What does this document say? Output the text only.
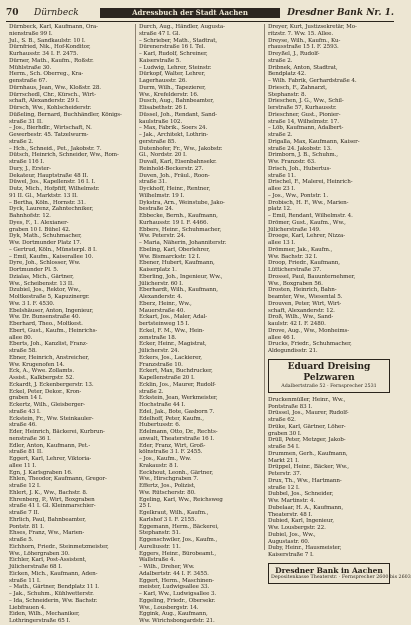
70	Dürnbeck	Adressbuch der Stadt Aachen	Dresdner Bank Nr. 1.

Dürnbeck, Karl, Kaufmann, Ora-

nienstraße 99 I.

Jul., S. B., Sandkaulstr. 10 I.

Dürnfried, Nik., Hof-Konditor,

Kurhausstr. 34 I. F. 2475.

Dürner, Math., Kaufm., Roßstr.

Mühlstraße 30.

Herm., Sch. Oberreg., Kra-

genstraße 67.

Dürnhaus, Jean, Ww., Kloßstr. 28.

Dürrschedl, Chr., Kürsch., Wirt-

schaft, Alexanderstr. 29 I.

Dürsch, Ww., Kohlscheiderstr.

Düßeling, Bernard, Buchhändler, Königs-

straße 31 II.

– Jos., Bierhdlr., Wirtschaft, N.

Gewerbestr. 45. Tatzelwurm-

straße 2.

– Hch., Schneid., Pet., Jakobstr. 7.

Dütsch, Heinrich, Schneider, Ww., Rom-

straße 116 I.

Dury, J., Erster-

Dekateur, Hauptstraße 48 II.

Düwel, Jos., Kapellenstr. 16 I. I.

Dutz, Mich., Hofpfiff, Wilhelmstr.

91 II. Gl., Marktstr. 13 II.

– Bertha, Köln., Hornstr. 31.

Dyck, Laurenz, Zahntechniker,

Bahnhofstr. 12.

Dyes, F., 1. Alexianer-

graben 10 I. Bühel 42.

Dyk, Math., Schuhmacher,

Ww. Dortmunder Platz 17.

– Gertrud, Köln., Münsterpl. 8 I.

– Emil, Kaufm., Kaiserallee 10.

Dyre, Joh., Schlosser, Ww.

Dortmunder Pl. 5.

Dzialas, Mich., Gärtner,

Ww., Scheibenstr. 13 II.

Dzubiel, Jos., Rektor, Ww.,

Moltkestraße 5, Kapuzinergr.

Ww. 3 I. F. 4530.

Ebelshäuser, Anton, Ingenieur,

Ww. Dr. Bunsenstraße 40.

Eberhard, Theo., Moltkest.

Ebert, Gust., Kaufm., Heinrichs-

allee 80.

Eberts, Joh., Kanzlist, Franz-

straße 58.

Ebner, Heinrich, Anstreicher,

Ww. Krugenofen 14.

Eck, A., Wwe. Zollamts.

Assist., Kalkbergstr. 52.

Eckardt, J. Eckenbergerstr. 13.

Eckel, Peter, Dekor., Kron-

graben 14 I.

Eckertz, Wilh., Gleisberger-

straße 43 I.

Eckstein, Fr., Ww. Steinkauler-

straße 46.

Eder, Heinrich, Bäckerei, Kurbrun-

nenstraße 36 I.

Edler, Anton, Kaufmann, Pet.-

straße 81 II.

Eggert, Karl, Lehrer, Viktoria-

allee 11 I.

Egn, J. Karlsgraben 16.

Ehlen, Theodor, Kaufmann, Gregor-

straße 12 I.

Ehlert, J. K., Ww., Bachstr. 8.

Ehrenberg, P., Wirt, Boxgraben

straße 41 I. Gl. Kleinmarschier-

straße 7 II.

Ehrlich, Paul, Bahnbeamter,

Pontstr. 81 I.

Ehses, Franz, Ww., Marien-

straße 5.

Eichhorn, Friedr., Steinmetzmeister,

Ww., Löhergraben 30.

Eichler, Karl, Post-Assistent,

Jülicherstraße 68 I.

Eicken, Mich., Kaufmann, Aden-

straße 11 I.

– Math., Gärtner, Bendplatz 11 I.

– Jak., Schuhm., Kühlwetterstr.

– Ida, Schneiderin, Ww. Bachstr.

Liebfrauen 4.

Eiden, Wilh., Mechaniker,

Lothringerstraße 65 I.

Durch, Aug., Händler, Augusta-

straße 47 I. Gl.

– Schrieber, Math., Stadtrat,

Dürenerstraße 16 I. Tel.

– Karl, Rudolf, Schreiner,

Kaiserstraße 5.

– Ludwig, Lehrer, Steinstr.

Dürkopf, Walter, Lehrer,

Lagerhausstr. 26.

Durm, Wilh., Tapezierer,

Ww., Krefelderstr. 16.

Dusch, Aug., Bahnbeamter,

Elisabethstr. 26 I.

Düssel, Joh., Rendant, Sand-

kaulstraße 102.

– Max, Fabrik., Soers 24.

– Jak., Architekt, Lothrin-

gerstraße 85.

Dutenhofer, Fr., Ww., Jakobstr.

Gl., Nordstr. 20 I.

Duvall, Karl, Eisenbahnsekr.

Reinhold-Beckerstr. 27.

Duven, Joh., Fräul., Roon-

straße 31.

Dyckhoff, Heinr., Rentner,

Wilhelmstr. 19 I.

Dykstra, Arn., Weinstube, Jako-

bestraße 24.

Ebbecke, Bernh., Kaufmann,

Kurhausstr. 19 I. F. 4466.

Ebbers, Heinr., Schuhmacher,

Ww. Peterstr. 24.

– Maria, Näherin, Johanniterstr.

Ebeling, Karl, Oberlehrer,

Ww. Bismarckstr. 12 I.

Ebener, Hubert, Kaufmann,

Kaiserplatz 1.

Eberling, Joh., Ingenieur, Ww.,

Jülicherstr. 60 I.

Eberhardt, Wilh., Kaufmann,

Alexanderstr. 4.

Eberz, Heinr., Ww.,

Mauerstraße 40.

Eckart, Jos., Maler, Adal-

bertsteinweg 15 I.

Eckel, F. M., Ww., Hein-

zenstraße 18.

Ecker, Heinr., Magistrat,

Jülicherstr. 24.

Eckers, Jos., Lackierer,

Franzstraße 10.

Eckert, Max, Buchdrucker,

Kapellenstraße 20 I.

Ecklin, Jos., Maurer, Rudolf-

straße 2.

Eckstein, Jean, Werkmeister,

Hochstraße 44 I.

Edel, Jak., Bote, Gasborn 7.

Edelhoff, Peter, Kaufm.,

Hubertusstr. 6.

Edelmann, Otto, Dr., Rechts-

anwalt, Theaterstraße 16 I.

Eder, Franz, Wirt, Groß-

kölnstraße 3 I. F. 2455.

– Jos., Kaufm., Ww.

Krakaustr. 8 I.

Eeckhout, Leonh., Gärtner,

Ww., Hirschgraben 7.

Effertz, Jos., Polizist,

Ww. Rütscherstr. 80.

Egeling, Karl, Ww., Reichsweg

25 I.

Egelkraut, Wilh., Kaufm.,

Karlshof 3 I. F. 2155.

Eggemann, Herm., Bäckerei,

Stephanstr. 51.

Eggenschwiler, Jos., Kaufm.,

Aureliusstr. 11.

Eggers, Heinr., Bürobeamt.,

Wallstraße 4.

– Wilh., Dreher, Ww.

Adalbertstr. 44 I. F. 3455.

Eggert, Herm., Maschinen-

meister, Ludwigsallee 33.

– Karl, Ww., Ludwigsallee 3.

Eggeling, Friedr., Obersekr.

Ww., Lousbergstr. 14.

Eggink, Aug., Kaufmann,

Ww. Wirichsbongardstr. 21.

Dreyer, Kurt, Justizsekretär, Mo-

ritzstr. 7. Ww. 15. Allee.

Dreyse, Wilh., Kaufm., Ku-

rhausstraße 15 I. F. 2593.

Dreyßel, J., Rudolf-

straße 2.

Dribnek, Anton, Stadtrat,

Bendplatz 42.

– Wilh. Fabrik, Gerhardstraße 4.

Driesch, F., Zahnarzt,

Stephanstr. 8.

Drieschen, J. G., Ww., Schil-

lerstraße 57, Kurhausstr.

Drieschner, Gust., Pionier-

straße 14, Wilhelmstr. 17.

– Löb, Kaufmann, Adalbert-

straße 2.

Drigalla, Max, Kaufmann, Kaiser-

straße 24. Jakobstr. 13.

Drimborn, J. B., Schuhm.,

Ww. Franzstr. 63.

Drisch, Joh., Hubertus-

straße 11.

Drischel, F., Malerei, Heinrich-

allee 23 I.

– Jos., Ww., Pontstr. 1.

Drobisch, H. F., Ww., Marien-

platz 12.

– Emil, Rendant, Wilhelmstr. 4.

Drömer, Gust., Kaufm., Ww.,

Jülicherstraße 149.

Droege, Karl, Lehrer, Nizza-

allee 13 I.

Drömmer, Jak., Kaufm.,

Ww. Bachstr. 32 I.

Droop, Friedr., Kaufmann,

Lütticherstraße 37.

Drossel, Paul, Bauunternehmer,

Ww., Boxgraben 56.

Drosten, Heinrich, Bahn-

beamter, Ww., Wiesental 5.

Drouven, Peter, Wirt, Wirt-

schaft, Alexanderstr. 12.

Droß, Wilh., Ww., Sand-

kaulstr. 42 I. F. 2480.

Drove, Aug., Ww., Monheims-

allee 46 I.

Drucks, Friedr., Schuhmacher,

Aldegundisstr. 21.

Eduard Dreising
Pelzwaren
Adalbertstraße 52 · Fernsprecher 2531

Druckenmüller, Heinr., Ww.,

Pontstraße 83 I.

Drüssel, Jos., Maurer, Rudolf-

straße 62.

Drüke, Karl, Gärtner, Löher-

graben 30 I.

Drüll, Peter, Metzger, Jakob-

straße 54 I.

Drummen, Gerh., Kaufmann,

Markt 21 I.

Drüppel, Heinr., Bäcker, Ww.,

Peterstr. 37.

Drux, Th., Ww., Hartmann-

straße 12 I.

Dubbel, Jos., Schneider,

Ww. Martinstr. 4.

Dubelaar, H. A., Kaufmann,

Theaterstr. 48 I.

Dubied, Karl, Ingenieur,

Ww. Lousbergstr. 22.

Dubiel, Jos., Ww.,

Augustastr. 60.

Duby, Heinr., Hausmeister,

Kaiserstraße 7 I.

Dresdner Bank in Aachen
Depositenkasse Theaterstr. · Fernsprecher 2600 bis 2603
